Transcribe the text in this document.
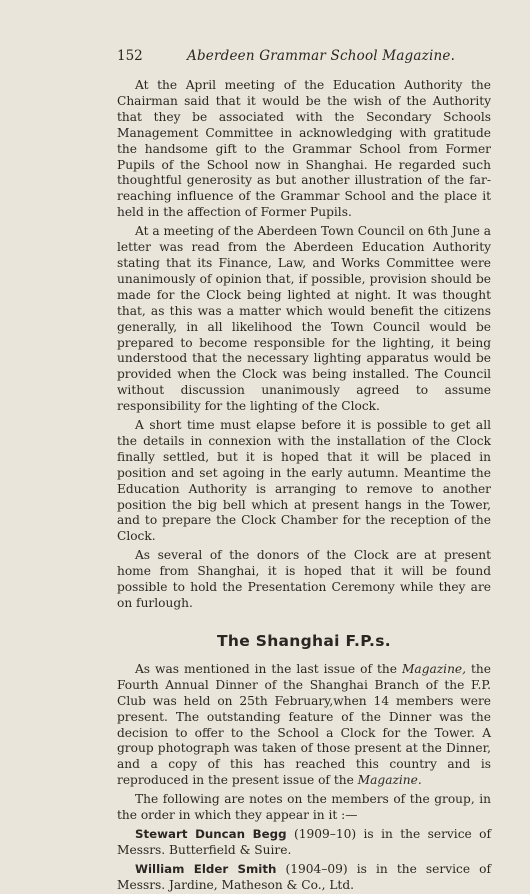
152	Aberdeen Grammar School Magazine.

At the April meeting of the Education Authority the Chairman said that it would be the wish of the Authority that they be associated with the Secondary Schools Management Committee in acknowledging with gratitude the handsome gift to the Grammar School from Former Pupils of the School now in Shanghai. He regarded such thoughtful generosity as but another illustration of the far-reaching influence of the Grammar School and the place it held in the affection of Former Pupils.

At a meeting of the Aberdeen Town Council on 6th June a letter was read from the Aberdeen Education Authority stating that its Finance, Law, and Works Committee were unanimously of opinion that, if possible, provision should be made for the Clock being lighted at night. It was thought that, as this was a matter which would benefit the citizens generally, in all likelihood the Town Council would be prepared to become responsible for the lighting, it being understood that the necessary lighting apparatus would be provided when the Clock was being installed. The Council without discussion unanimously agreed to assume responsibility for the lighting of the Clock.

A short time must elapse before it is possible to get all the details in connexion with the installation of the Clock finally settled, but it is hoped that it will be placed in position and set agoing in the early autumn. Meantime the Education Authority is arranging to remove to another position the big bell which at present hangs in the Tower, and to prepare the Clock Chamber for the reception of the Clock.

As several of the donors of the Clock are at present home from Shanghai, it is hoped that it will be found possible to hold the Presentation Ceremony while they are on furlough.

The Shanghai F.P.s.

As was mentioned in the last issue of the Magazine, the Fourth Annual Dinner of the Shanghai Branch of the F.P. Club was held on 25th February,when 14 members were present. The outstanding feature of the Dinner was the decision to offer to the School a Clock for the Tower. A group photograph was taken of those present at the Dinner, and a copy of this has reached this country and is reproduced in the present issue of the Magazine.

The following are notes on the members of the group, in the order in which they appear in it :—

Stewart Duncan Begg (1909–10) is in the service of Messrs. Butterfield & Suire.

William Elder Smith (1904–09) is in the service of Messrs. Jardine, Matheson & Co., Ltd.
